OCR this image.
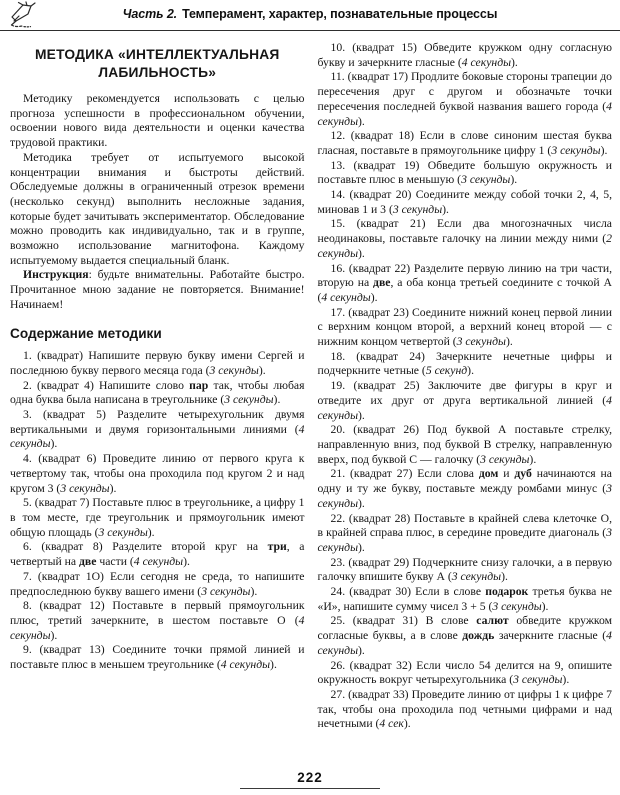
Часть 2. Темперамент, характер, познавательные процессы
МЕТОДИКА «ИНТЕЛЛЕКТУАЛЬНАЯ ЛАБИЛЬНОСТЬ»

Методику рекомендуется использовать с целью прогноза успешности в профессиональном обучении, освоении нового вида деятельности и оценки качества трудовой практики.

Методика требует от испытуемого высокой концентрации внимания и быстроты действий. Обследуемые должны в ограниченный отрезок времени (несколько секунд) выполнить несложные задания, которые будет зачитывать экспериментатор. Обследование можно проводить как индивидуально, так и в группе, возможно использование магнитофона. Каждому испытуемому выдается специальный бланк.

Инструкция: будьте внимательны. Работайте быстро. Прочитанное мною задание не повторяется. Внимание! Начинаем!

Содержание методики

1. (квадрат) Напишите первую букву имени Сергей и последнюю букву первого месяца года (3 секунды).

2. (квадрат 4) Напишите слово пар так, чтобы любая одна буква была написана в треугольнике (3 секунды).

3. (квадрат 5) Разделите четырехугольник двумя вертикальными и двумя горизонтальными линиями (4 секунды).

4. (квадрат 6) Проведите линию от первого круга к четвертому так, чтобы она проходила под кругом 2 и над кругом 3 (3 секунды).

5. (квадрат 7) Поставьте плюс в треугольнике, а цифру 1 в том месте, где треугольник и прямоугольник имеют общую площадь (3 секунды).

6. (квадрат 8) Разделите второй круг на три, а четвертый на две части (4 секунды).

7. (квадрат 1О) Если сегодня не среда, то напишите предпоследнюю букву вашего имени (3 секунды).

8. (квадрат 12) Поставьте в первый прямоугольник плюс, третий зачеркните, в шестом поставьте О (4 секунды).

9. (квадрат 13) Соедините точки прямой линией и поставьте плюс в меньшем треугольнике (4 секунды).

10. (квадрат 15) Обведите кружком одну согласную букву и зачеркните гласные (4 секунды).

11. (квадрат 17) Продлите боковые стороны трапеции до пересечения друг с другом и обозначьте точки пересечения последней буквой названия вашего города (4 секунды).

12. (квадрат 18) Если в слове синоним шестая буква гласная, поставьте в прямоугольнике цифру 1 (3 секунды).

13. (квадрат 19) Обведите большую окружность и поставьте плюс в меньшую (3 секунды).

14. (квадрат 20) Соедините между собой точки 2, 4, 5, миновав 1 и 3 (3 секунды).

15. (квадрат 21) Если два многозначных числа неодинаковы, поставьте галочку на линии между ними (2 секунды).

16. (квадрат 22) Разделите первую линию на три части, вторую на две, а оба конца третьей соедините с точкой А (4 секунды).

17. (квадрат 23) Соедините нижний конец первой линии с верхним концом второй, а верхний конец второй — с нижним концом четвертой (3 секунды).

18. (квадрат 24) Зачеркните нечетные цифры и подчеркните четные (5 секунд).

19. (квадрат 25) Заключите две фигуры в круг и отведите их друг от друга вертикальной линией (4 секунды).

20. (квадрат 26) Под буквой А поставьте стрелку, направленную вниз, под буквой В стрелку, направленную вверх, под буквой С — галочку (3 секунды).

21. (квадрат 27) Если слова дом и дуб начинаются на одну и ту же букву, поставьте между ромбами минус (3 секунды).

22. (квадрат 28) Поставьте в крайней слева клеточке О, в крайней справа плюс, в середине проведите диагональ (3 секунды).

23. (квадрат 29) Подчеркните снизу галочки, а в первую галочку впишите букву А (3 секунды).

24. (квадрат 30) Если в слове подарок третья буква не «И», напишите сумму чисел 3 + 5 (3 секунды).

25. (квадрат 31) В слове салют обведите кружком согласные буквы, а в слове дождь зачеркните гласные (4 секунды).

26. (квадрат 32) Если число 54 делится на 9, опишите окружность вокруг четырехугольника (3 секунды).

27. (квадрат 33) Проведите линию от цифры 1 к цифре 7 так, чтобы она проходила под четными цифрами и над нечетными (4 сек).

222
